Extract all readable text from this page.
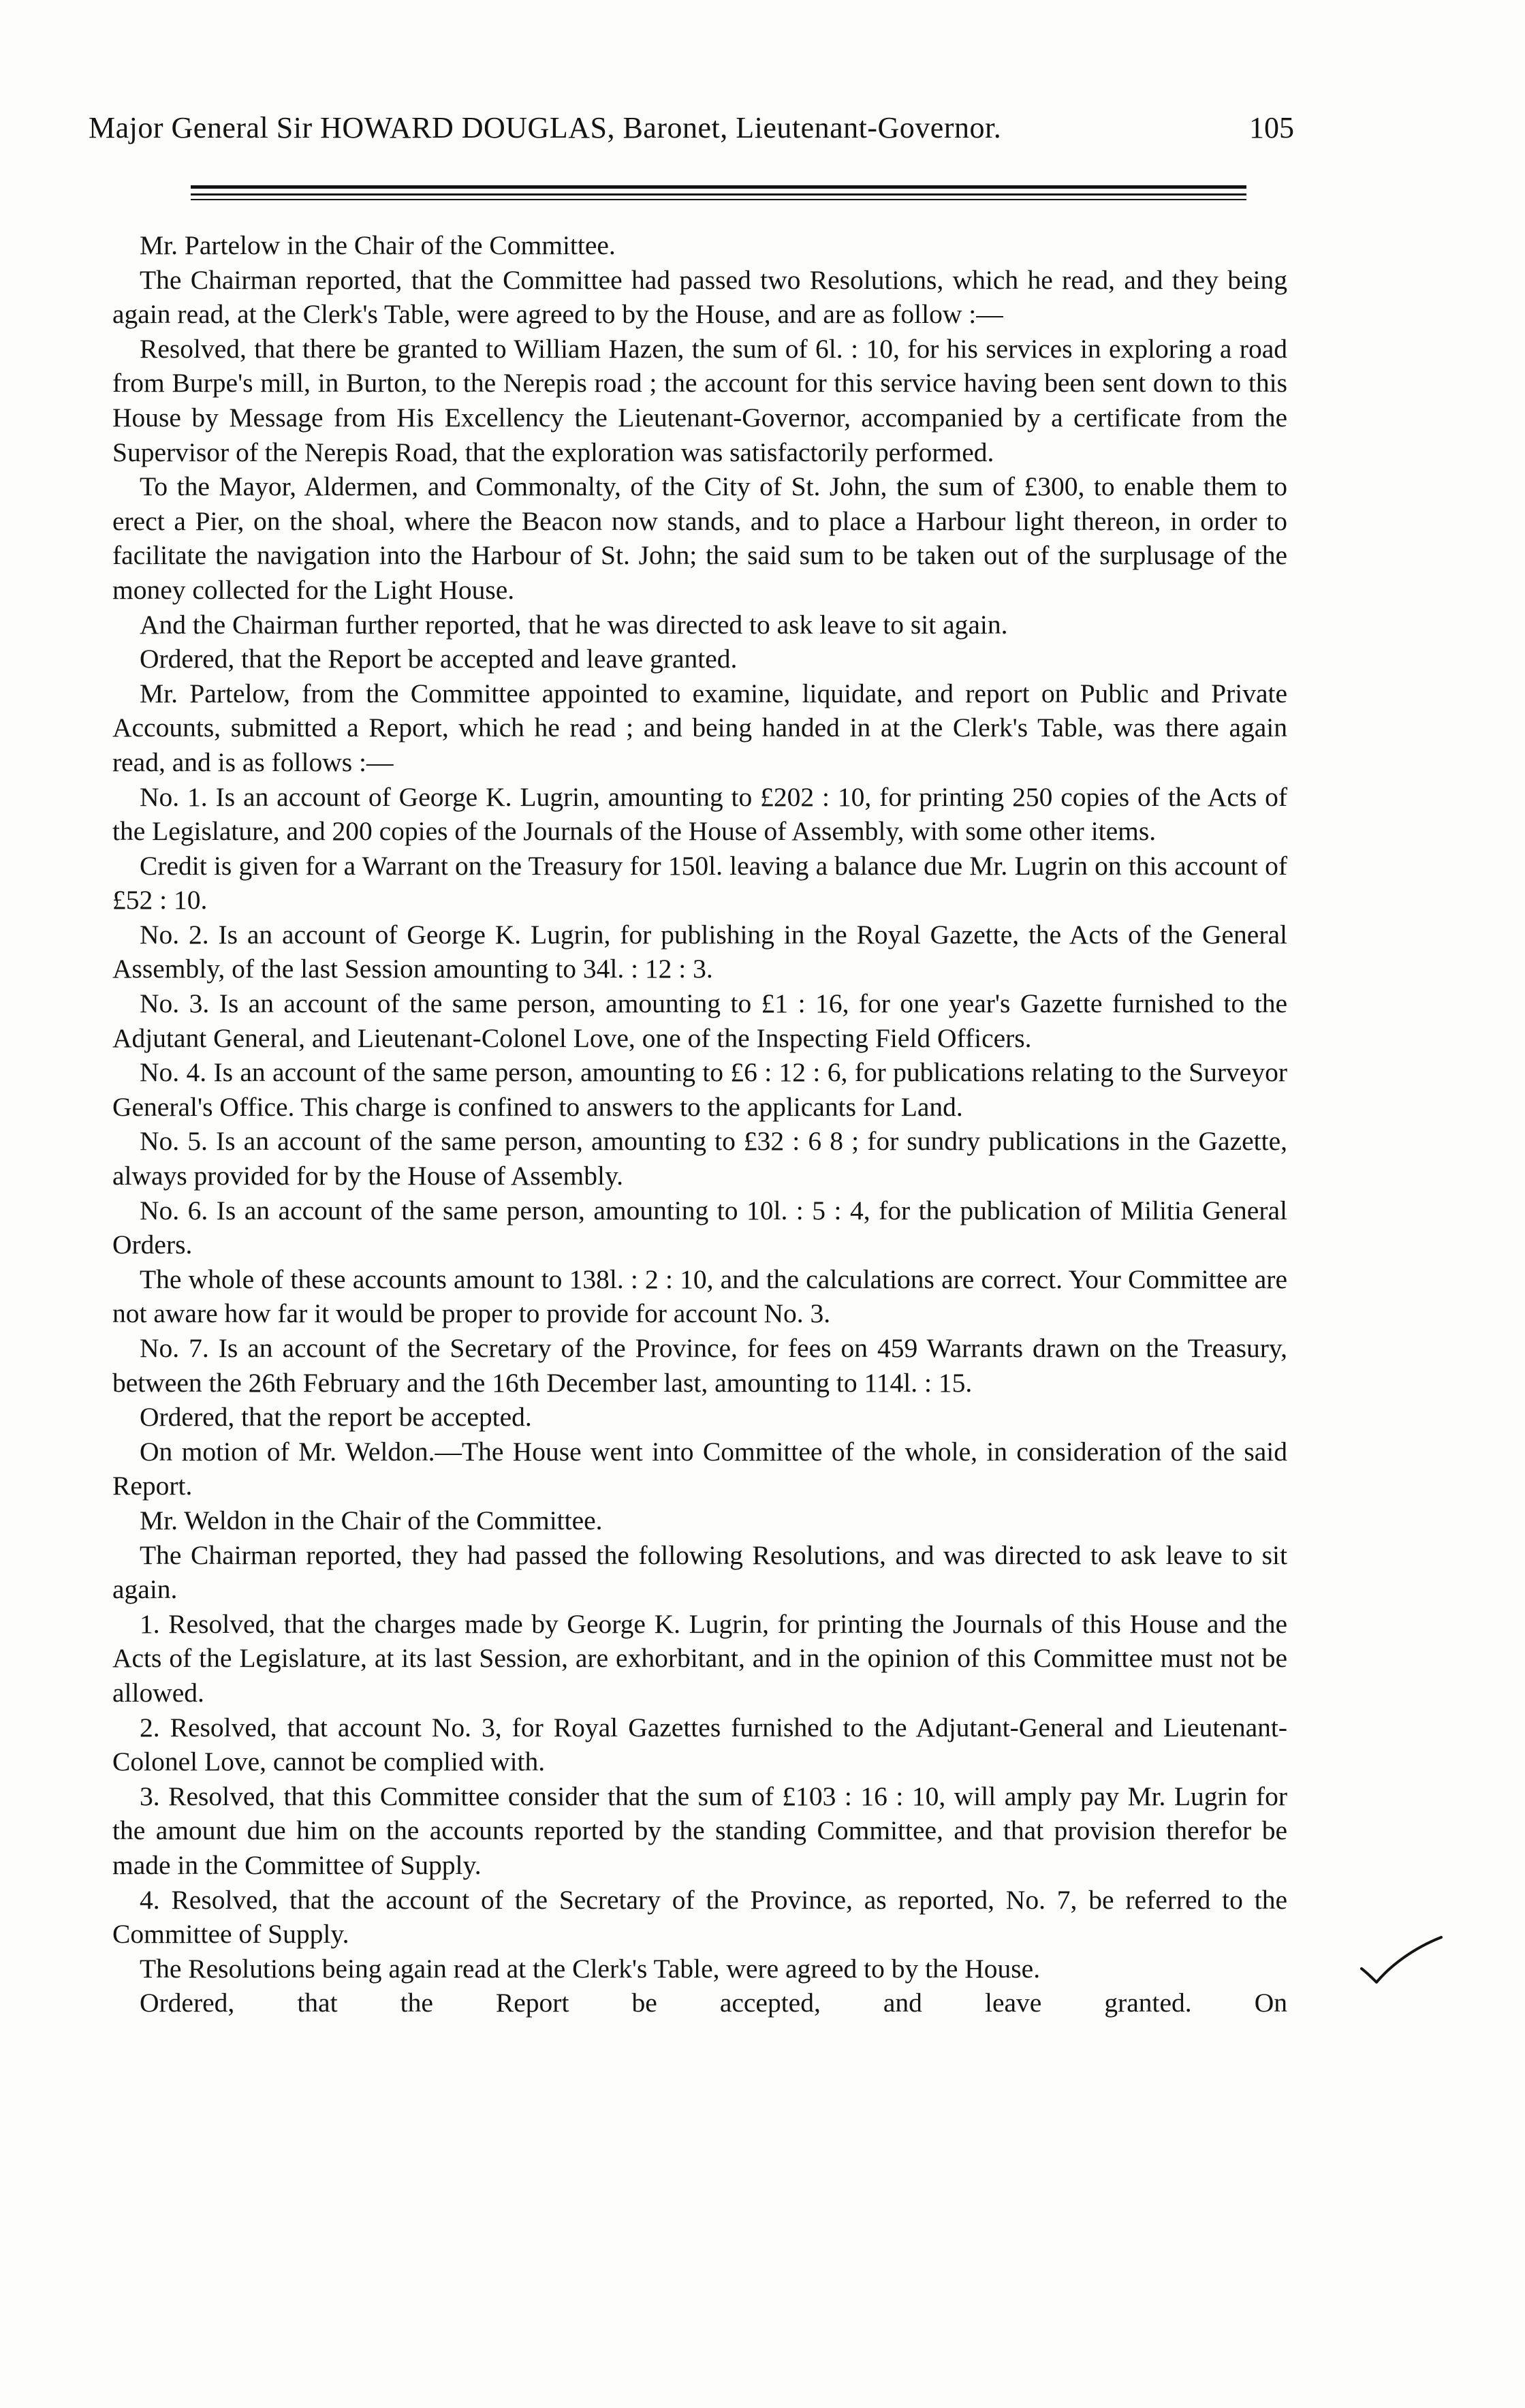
Major General Sir HOWARD DOUGLAS, Baronet, Lieutenant-Governor.	105

Mr. Partelow in the Chair of the Committee.

The Chairman reported, that the Committee had passed two Resolutions, which he read, and they being again read, at the Clerk's Table, were agreed to by the House, and are as follow :—

Resolved, that there be granted to William Hazen, the sum of 6l. : 10, for his services in exploring a road from Burpe's mill, in Burton, to the Nerepis road ; the account for this service having been sent down to this House by Message from His Excellency the Lieutenant-Governor, accompanied by a certificate from the Supervisor of the Nerepis Road, that the exploration was satisfactorily performed.

To the Mayor, Aldermen, and Commonalty, of the City of St. John, the sum of £300, to enable them to erect a Pier, on the shoal, where the Beacon now stands, and to place a Harbour light thereon, in order to facilitate the navigation into the Harbour of St. John; the said sum to be taken out of the surplusage of the money collected for the Light House.

And the Chairman further reported, that he was directed to ask leave to sit again.

Ordered, that the Report be accepted and leave granted.

Mr. Partelow, from the Committee appointed to examine, liquidate, and report on Public and Private Accounts, submitted a Report, which he read ; and being handed in at the Clerk's Table, was there again read, and is as follows :—

No. 1. Is an account of George K. Lugrin, amounting to £202 : 10, for printing 250 copies of the Acts of the Legislature, and 200 copies of the Journals of the House of Assembly, with some other items.

Credit is given for a Warrant on the Treasury for 150l. leaving a balance due Mr. Lugrin on this account of £52 : 10.

No. 2. Is an account of George K. Lugrin, for publishing in the Royal Gazette, the Acts of the General Assembly, of the last Session amounting to 34l. : 12 : 3.

No. 3. Is an account of the same person, amounting to £1 : 16, for one year's Gazette furnished to the Adjutant General, and Lieutenant-Colonel Love, one of the Inspecting Field Officers.

No. 4. Is an account of the same person, amounting to £6 : 12 : 6, for publications relating to the Surveyor General's Office. This charge is confined to answers to the applicants for Land.

No. 5. Is an account of the same person, amounting to £32 : 6 8 ; for sundry publications in the Gazette, always provided for by the House of Assembly.

No. 6. Is an account of the same person, amounting to 10l. : 5 : 4, for the publication of Militia General Orders.

The whole of these accounts amount to 138l. : 2 : 10, and the calculations are correct. Your Committee are not aware how far it would be proper to provide for account No. 3.

No. 7. Is an account of the Secretary of the Province, for fees on 459 Warrants drawn on the Treasury, between the 26th February and the 16th December last, amounting to 114l. : 15.

Ordered, that the report be accepted.

On motion of Mr. Weldon.—The House went into Committee of the whole, in consideration of the said Report.

Mr. Weldon in the Chair of the Committee.

The Chairman reported, they had passed the following Resolutions, and was directed to ask leave to sit again.

1. Resolved, that the charges made by George K. Lugrin, for printing the Journals of this House and the Acts of the Legislature, at its last Session, are exhorbitant, and in the opinion of this Committee must not be allowed.

2. Resolved, that account No. 3, for Royal Gazettes furnished to the Adjutant-General and Lieutenant-Colonel Love, cannot be complied with.

3. Resolved, that this Committee consider that the sum of £103 : 16 : 10, will amply pay Mr. Lugrin for the amount due him on the accounts reported by the standing Committee, and that provision therefor be made in the Committee of Supply.

4. Resolved, that the account of the Secretary of the Province, as reported, No. 7, be referred to the Committee of Supply.

The Resolutions being again read at the Clerk's Table, were agreed to by the House.

Ordered, that the Report be accepted, and leave granted. On
